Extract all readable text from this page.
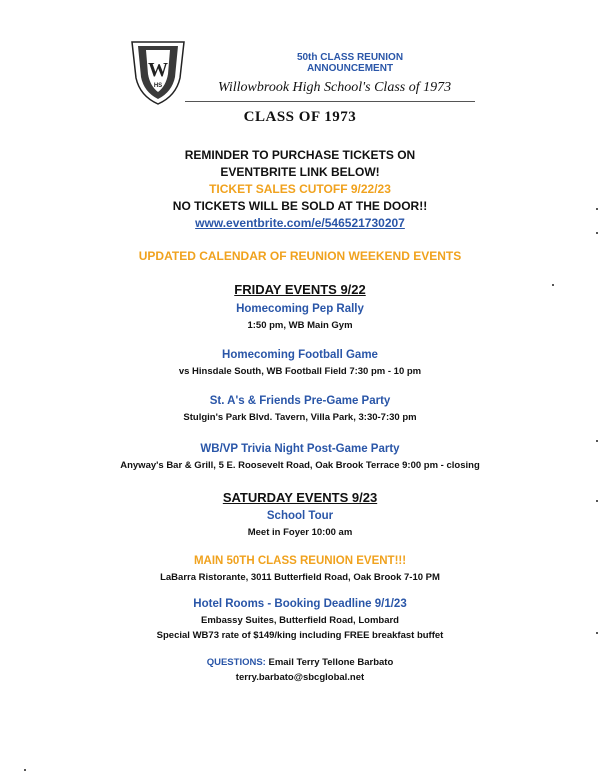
W
HS
50th CLASS REUNION
ANNOUNCEMENT
Willowbrook High School's Class of 1973
CLASS OF 1973
REMINDER TO PURCHASE TICKETS ON
EVENTBRITE LINK BELOW!
TICKET SALES CUTOFF 9/22/23
NO TICKETS WILL BE SOLD AT THE DOOR!!
www.eventbrite.com/e/546521730207
UPDATED CALENDAR OF REUNION WEEKEND EVENTS
FRIDAY EVENTS 9/22
Homecoming Pep Rally
1:50 pm, WB Main Gym
Homecoming Football Game
vs Hinsdale South, WB Football Field 7:30 pm - 10 pm
St. A's & Friends Pre-Game Party
Stulgin's Park Blvd. Tavern, Villa Park, 3:30-7:30 pm
WB/VP Trivia Night Post-Game Party
Anyway's Bar & Grill, 5 E. Roosevelt Road, Oak Brook Terrace 9:00 pm - closing
SATURDAY EVENTS 9/23
School Tour
Meet in Foyer 10:00 am
MAIN 50TH CLASS REUNION EVENT!!!
LaBarra Ristorante, 3011 Butterfield Road, Oak Brook 7-10 PM
Hotel Rooms - Booking Deadline 9/1/23
Embassy Suites, Butterfield Road, Lombard
Special WB73 rate of $149/king including FREE breakfast buffet
QUESTIONS: Email Terry Tellone Barbato
terry.barbato@sbcglobal.net
